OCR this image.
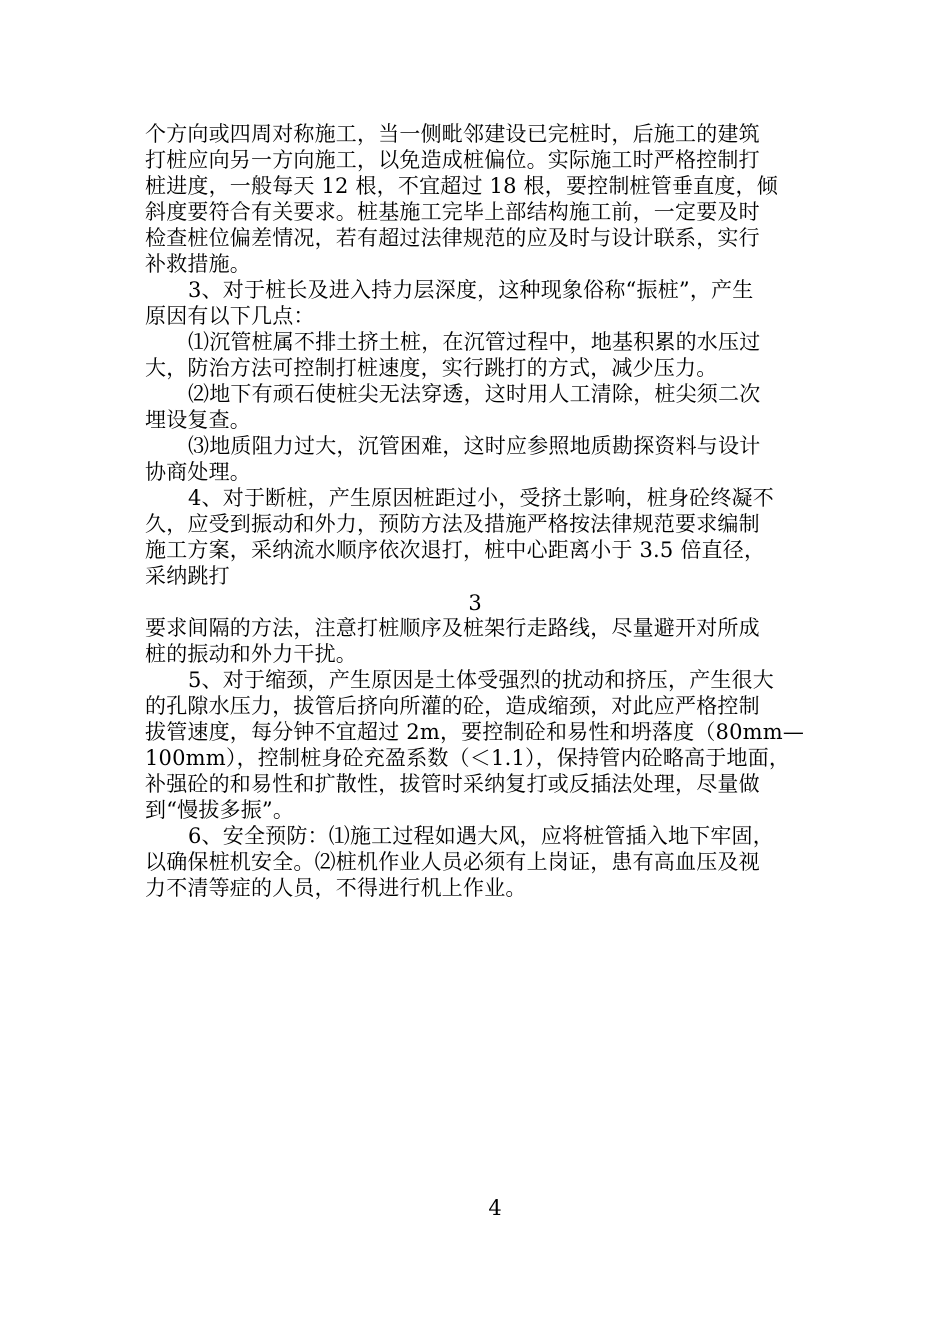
个方向或四周对称施工，当一侧毗邻建设已完桩时，后施工的建筑
打桩应向另一方向施工，以免造成桩偏位。实际施工时严格控制打
桩进度，一般每天 12 根，不宜超过 18 根，要控制桩管垂直度，倾
斜度要符合有关要求。桩基施工完毕上部结构施工前，一定要及时
检查桩位偏差情况，若有超过法律规范的应及时与设计联系，实行
补救措施。
3、对于桩长及进入持力层深度，这种现象俗称“振桩”，产生
原因有以下几点：
⑴沉管桩属不排土挤土桩，在沉管过程中，地基积累的水压过
大，防治方法可控制打桩速度，实行跳打的方式，减少压力。
⑵地下有顽石使桩尖无法穿透，这时用人工清除，桩尖须二次
埋设复查。
⑶地质阻力过大，沉管困难，这时应参照地质勘探资料与设计
协商处理。
4、对于断桩，产生原因桩距过小，受挤土影响，桩身砼终凝不
久，应受到振动和外力，预防方法及措施严格按法律规范要求编制
施工方案，采纳流水顺序依次退打，桩中心距离小于 3.5 倍直径，
采纳跳打
3
要求间隔的方法，注意打桩顺序及桩架行走路线，尽量避开对所成
桩的振动和外力干扰。
5、对于缩颈，产生原因是土体受强烈的扰动和挤压，产生很大
的孔隙水压力，拔管后挤向所灌的砼，造成缩颈，对此应严格控制
拔管速度，每分钟不宜超过 2m，要控制砼和易性和坍落度（80mm—
100mm），控制桩身砼充盈系数（＜1.1），保持管内砼略高于地面，
补强砼的和易性和扩散性，拔管时采纳复打或反插法处理，尽量做
到“慢拔多振”。
6、安全预防：⑴施工过程如遇大风，应将桩管插入地下牢固，
以确保桩机安全。⑵桩机作业人员必须有上岗证，患有高血压及视
力不清等症的人员，不得进行机上作业。
4
